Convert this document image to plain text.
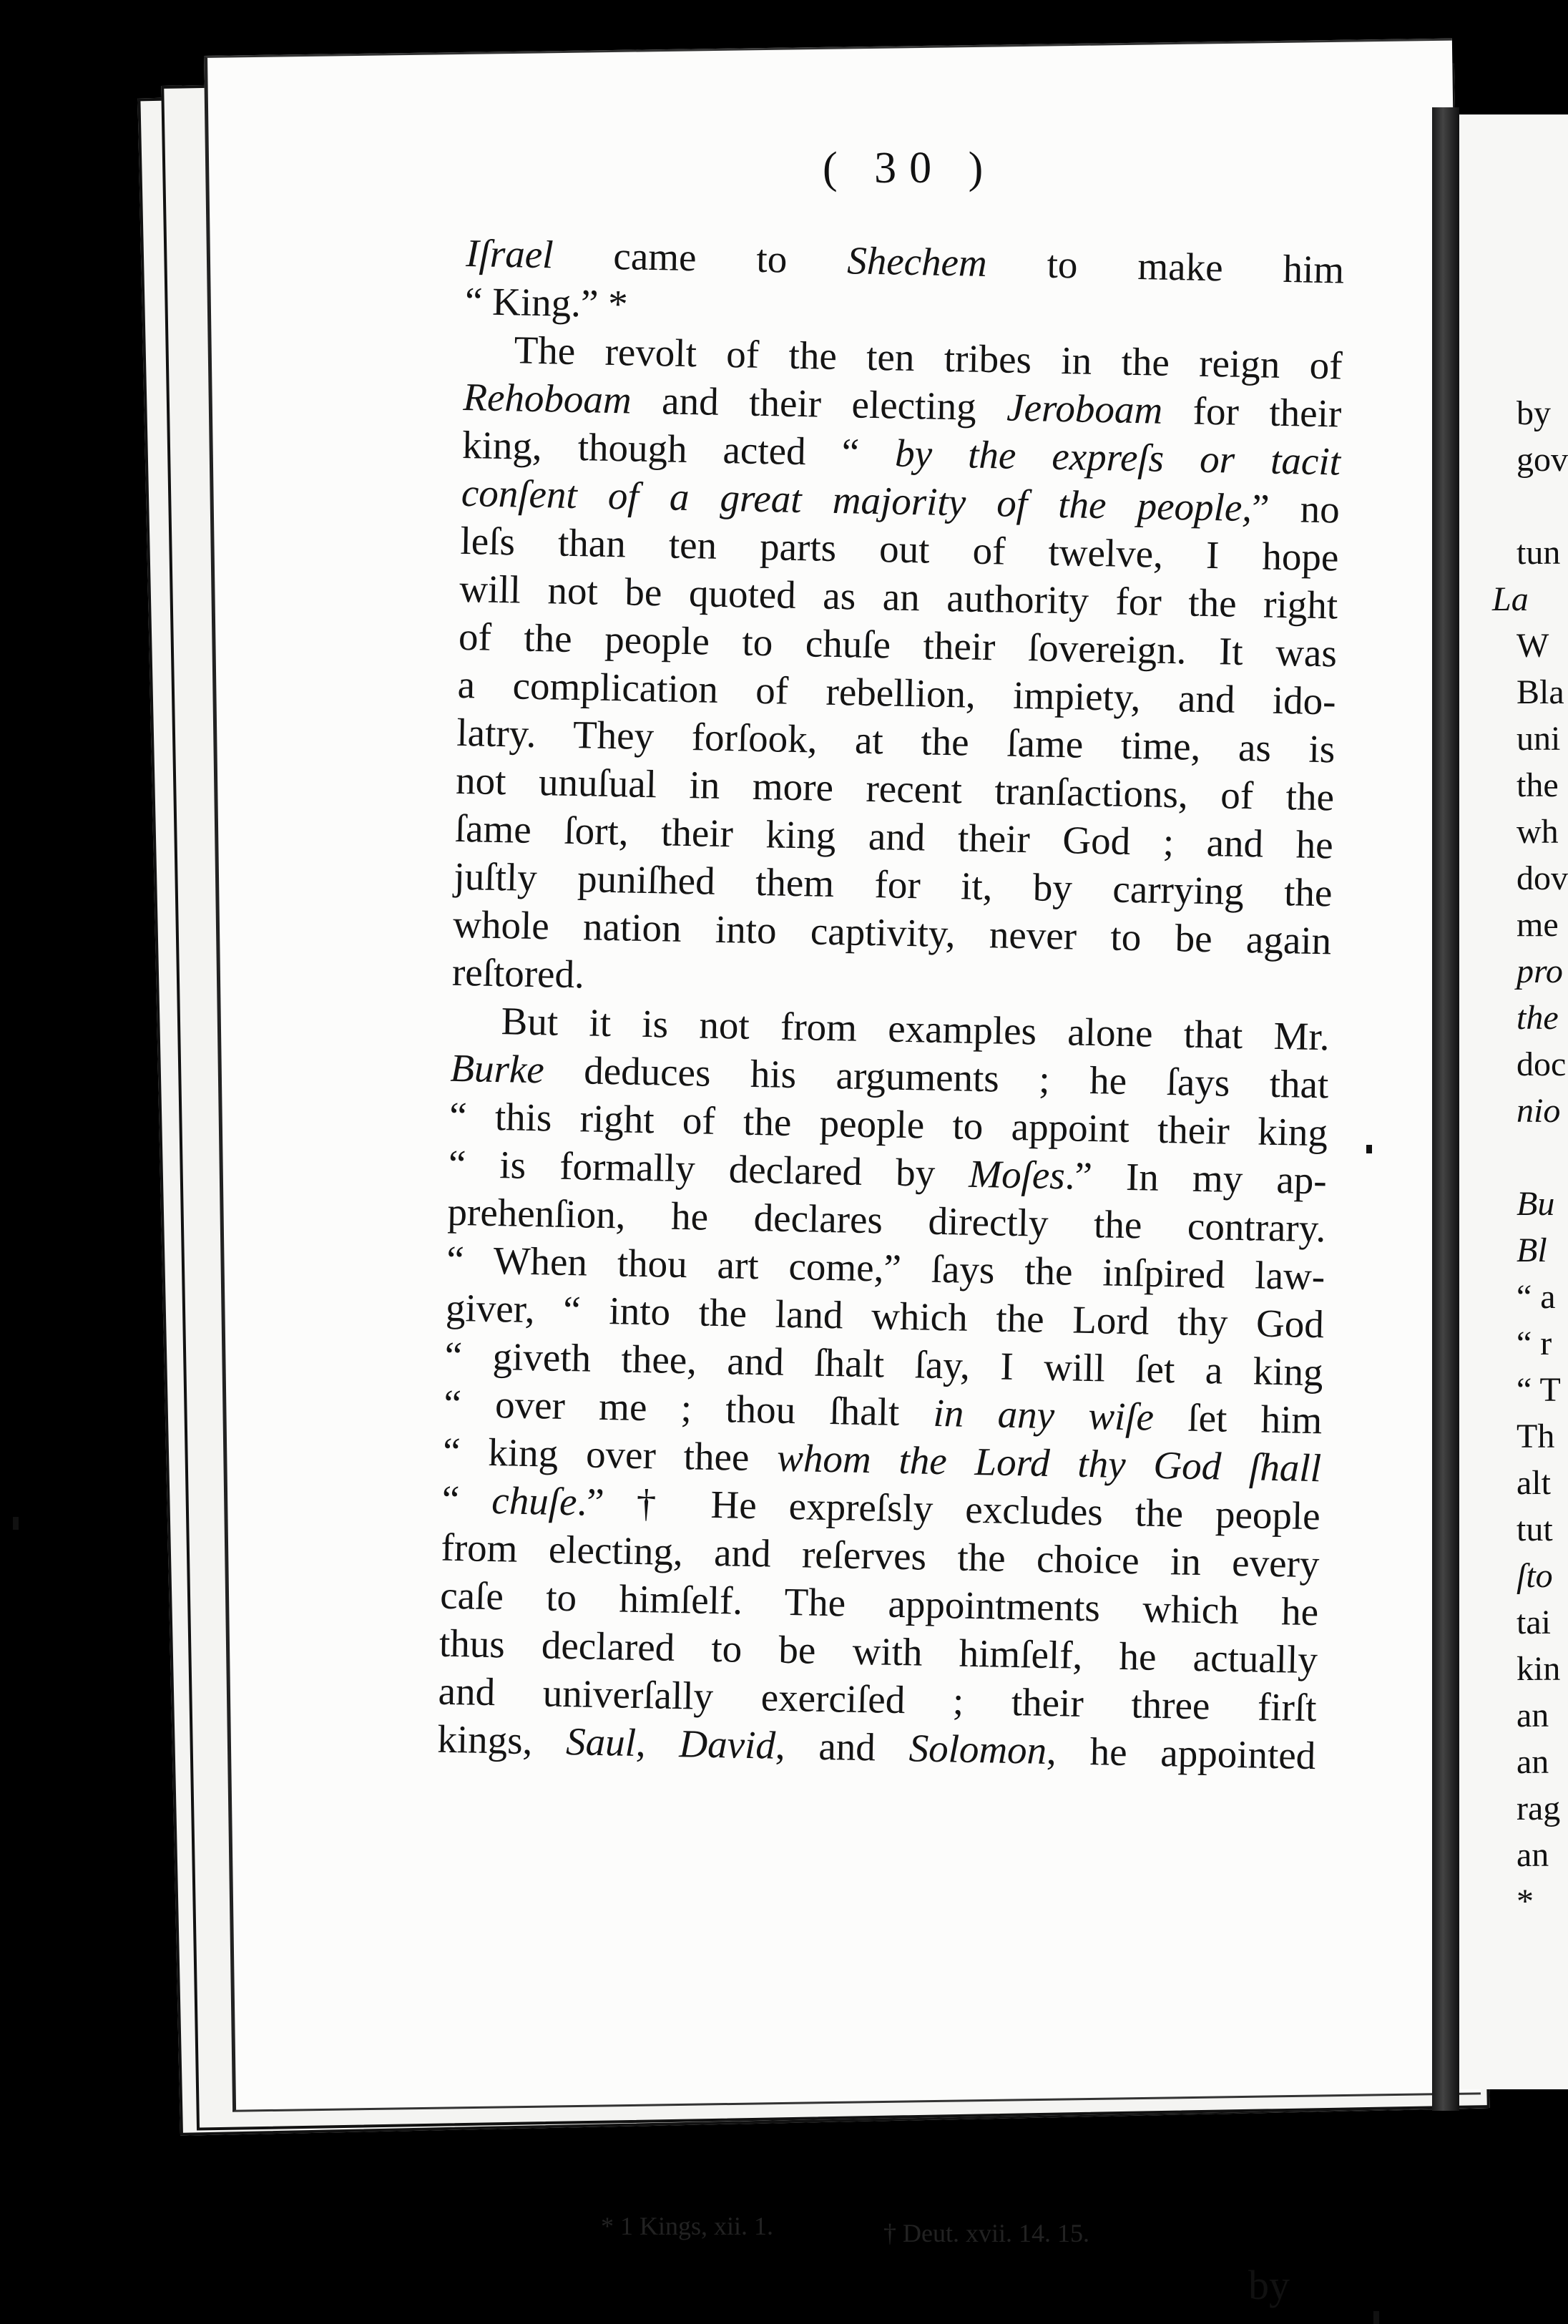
by
gov
tun
La
W
Bla
uni
the
wh
dov
me
pro
the
doc
nio
Bu
Bl
“ a
“ r
“ T
Th
alt
tut
ſto
tai
kin
an
an
rag
an
*
( 30 )
Iſrael came to Shechem to make him
“ King.” *
The revolt of the ten tribes in the reign of
Rehoboam and their electing Jeroboam for their
king, though acted “ by the expreſs or tacit
conſent of a great majority of the people,” no
leſs than ten parts out of twelve, I hope
will not be quoted as an authority for the right
of the people to chuſe their ſovereign. It was
a complication of rebellion, impiety, and ido-
latry. They forſook, at the ſame time, as is
not unuſual in more recent tranſactions, of the
ſame ſort, their king and their God ; and he
juſtly puniſhed them for it, by carrying the
whole nation into captivity, never to be again
reſtored.
But it is not from examples alone that Mr.
Burke deduces his arguments ; he ſays that
“ this right of the people to appoint their king
“ is formally declared by Moſes.” In my ap-
prehenſion, he declares directly the contrary.
“ When thou art come,” ſays the inſpired law-
giver, “ into the land which the Lord thy God
“ giveth thee, and ſhalt ſay, I will ſet a king
“ over me ; thou ſhalt in any wiſe ſet him
“ king over thee whom the Lord thy God ſhall
“ chuſe.” † He expreſsly excludes the people
from electing, and reſerves the choice in every
caſe to himſelf. The appointments which he
thus declared to be with himſelf, he actually
and univerſally exerciſed ; their three firſt
kings, Saul, David, and Solomon, he appointed
* 1 Kings, xii. 1.	† Deut. xvii. 14. 15.
by
